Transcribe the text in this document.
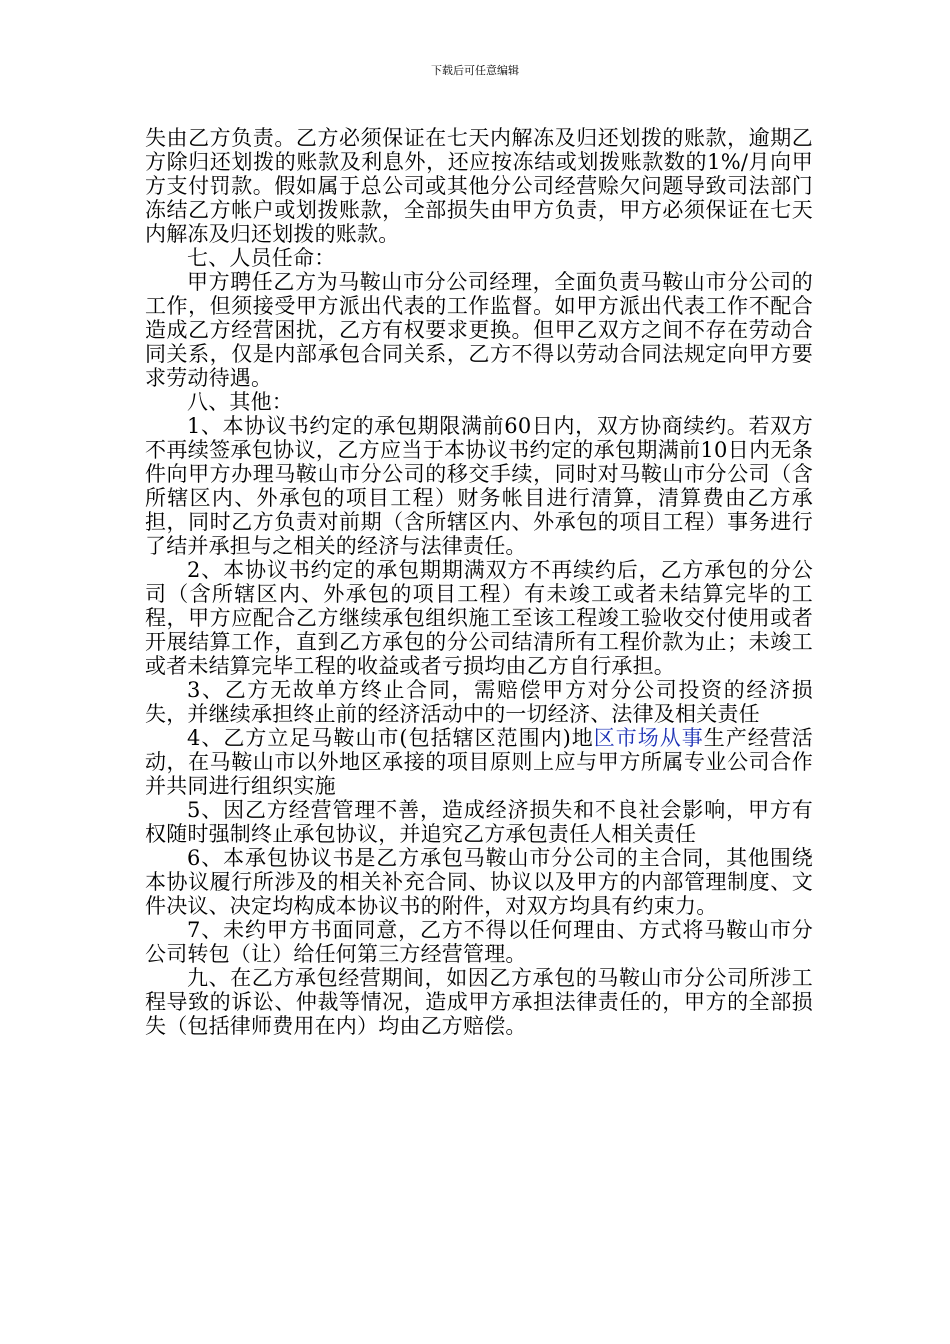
下载后可任意编辑

失由乙方负责。乙方必须保证在七天内解冻及归还划拨的账款，逾期乙方除归还划拨的账款及利息外，还应按冻结或划拨账款数的1%/月向甲方支付罚款。假如属于总公司或其他分公司经营赊欠问题导致司法部门冻结乙方帐户或划拨账款，全部损失由甲方负责，甲方必须保证在七天内解冻及归还划拨的账款。

七、人员任命：

甲方聘任乙方为马鞍山市分公司经理，全面负责马鞍山市分公司的工作，但须接受甲方派出代表的工作监督。如甲方派出代表工作不配合造成乙方经营困扰，乙方有权要求更换。但甲乙双方之间不存在劳动合同关系，仅是内部承包合同关系，乙方不得以劳动合同法规定向甲方要求劳动待遇。

八、其他：

1、本协议书约定的承包期限满前60日内，双方协商续约。若双方不再续签承包协议，乙方应当于本协议书约定的承包期满前10日内无条件向甲方办理马鞍山市分公司的移交手续，同时对马鞍山市分公司（含所辖区内、外承包的项目工程）财务帐目进行清算，清算费由乙方承担，同时乙方负责对前期（含所辖区内、外承包的项目工程）事务进行了结并承担与之相关的经济与法律责任。

2、本协议书约定的承包期期满双方不再续约后，乙方承包的分公司（含所辖区内、外承包的项目工程）有未竣工或者未结算完毕的工程，甲方应配合乙方继续承包组织施工至该工程竣工验收交付使用或者开展结算工作，直到乙方承包的分公司结清所有工程价款为止；未竣工或者未结算完毕工程的收益或者亏损均由乙方自行承担。

3、乙方无故单方终止合同，需赔偿甲方对分公司投资的经济损失，并继续承担终止前的经济活动中的一切经济、法律及相关责任

4、乙方立足马鞍山市(包括辖区范围内)地区市场从事生产经营活动，在马鞍山市以外地区承接的项目原则上应与甲方所属专业公司合作并共同进行组织实施

5、因乙方经营管理不善，造成经济损失和不良社会影响，甲方有权随时强制终止承包协议，并追究乙方承包责任人相关责任

6、本承包协议书是乙方承包马鞍山市分公司的主合同，其他围绕本协议履行所涉及的相关补充合同、协议以及甲方的内部管理制度、文件决议、决定均构成本协议书的附件，对双方均具有约束力。

7、未约甲方书面同意，乙方不得以任何理由、方式将马鞍山市分公司转包（让）给任何第三方经营管理。

九、在乙方承包经营期间，如因乙方承包的马鞍山市分公司所涉工程导致的诉讼、仲裁等情况，造成甲方承担法律责任的，甲方的全部损失（包括律师费用在内）均由乙方赔偿。
